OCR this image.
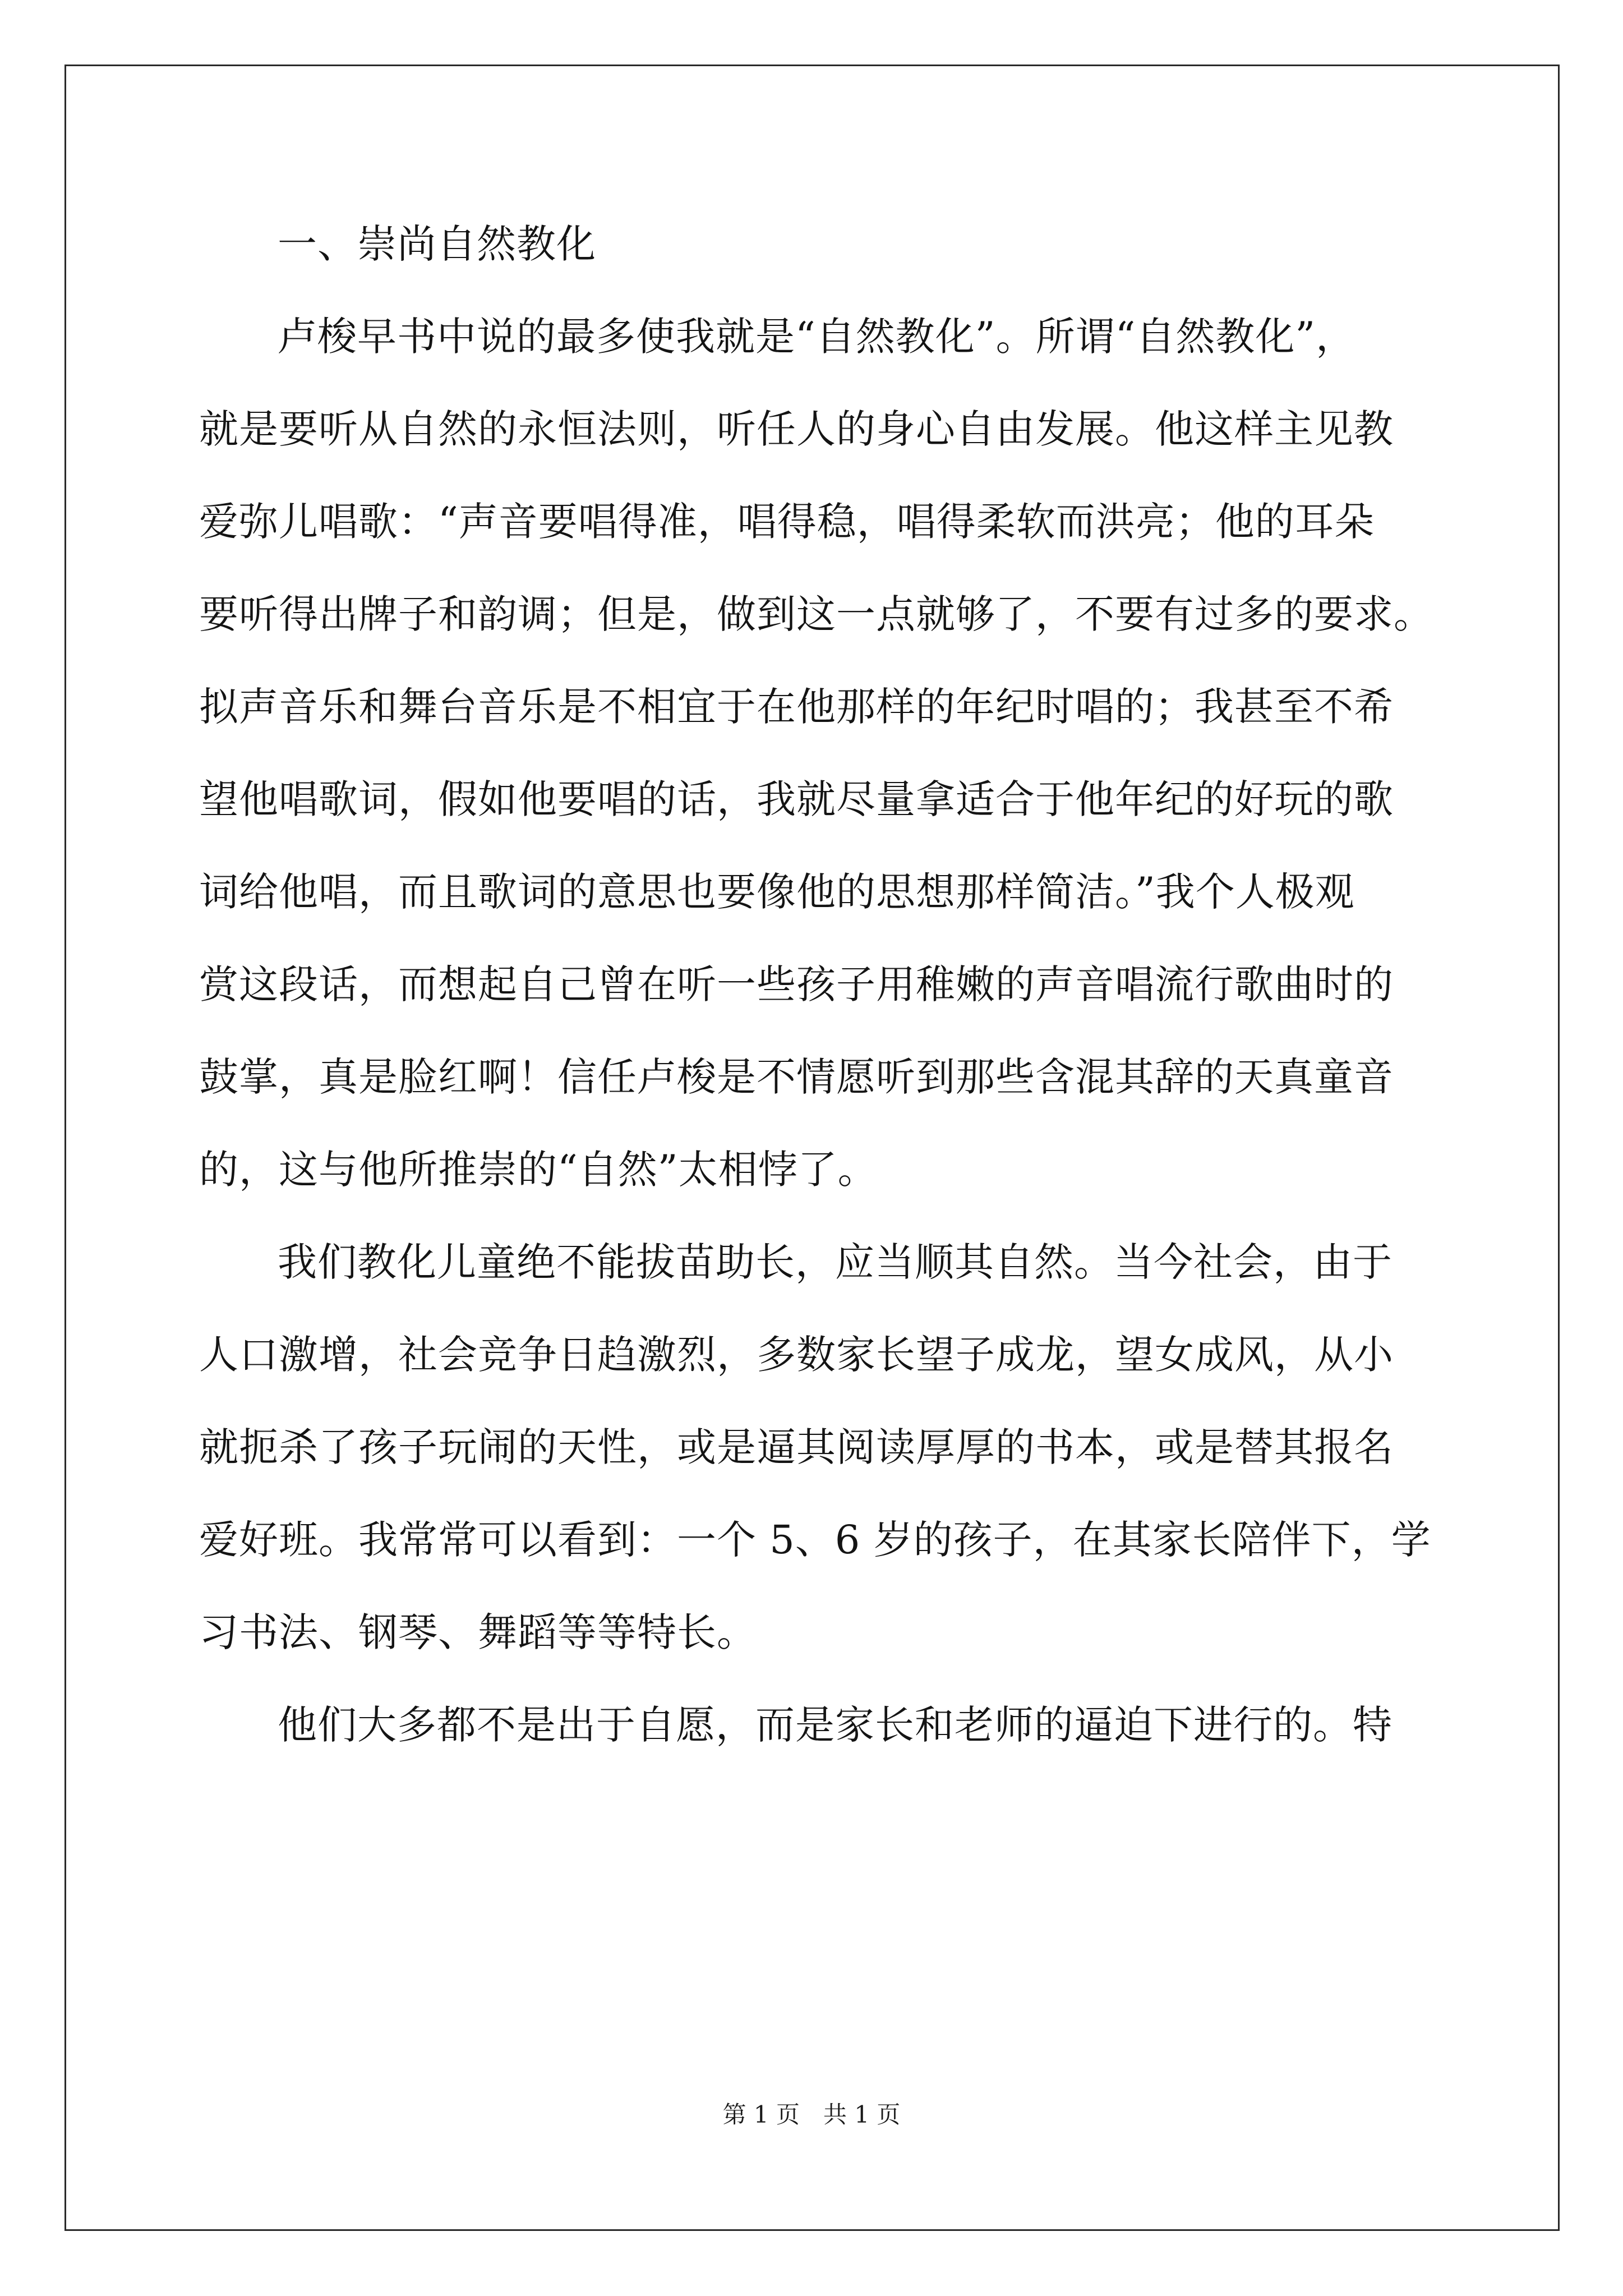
一、崇尚自然教化
卢梭早书中说的最多使我就是“自然教化”。所谓“自然教化”，
就是要听从自然的永恒法则，听任人的身心自由发展。他这样主见教
爱弥儿唱歌：“声音要唱得准，唱得稳，唱得柔软而洪亮；他的耳朵
要听得出牌子和韵调；但是，做到这一点就够了，不要有过多的要求。
拟声音乐和舞台音乐是不相宜于在他那样的年纪时唱的；我甚至不希
望他唱歌词，假如他要唱的话，我就尽量拿适合于他年纪的好玩的歌
词给他唱，而且歌词的意思也要像他的思想那样简洁。”我个人极观
赏这段话，而想起自己曾在听一些孩子用稚嫩的声音唱流行歌曲时的
鼓掌，真是脸红啊！信任卢梭是不情愿听到那些含混其辞的天真童音
的，这与他所推崇的“自然”太相悖了。
我们教化儿童绝不能拔苗助长，应当顺其自然。当今社会，由于
人口激增，社会竞争日趋激烈，多数家长望子成龙，望女成风，从小
就扼杀了孩子玩闹的天性，或是逼其阅读厚厚的书本，或是替其报名
爱好班。我常常可以看到：一个 5、6 岁的孩子，在其家长陪伴下，学
习书法、钢琴、舞蹈等等特长。
他们大多都不是出于自愿，而是家长和老师的逼迫下进行的。特
第 1 页　共 1 页
